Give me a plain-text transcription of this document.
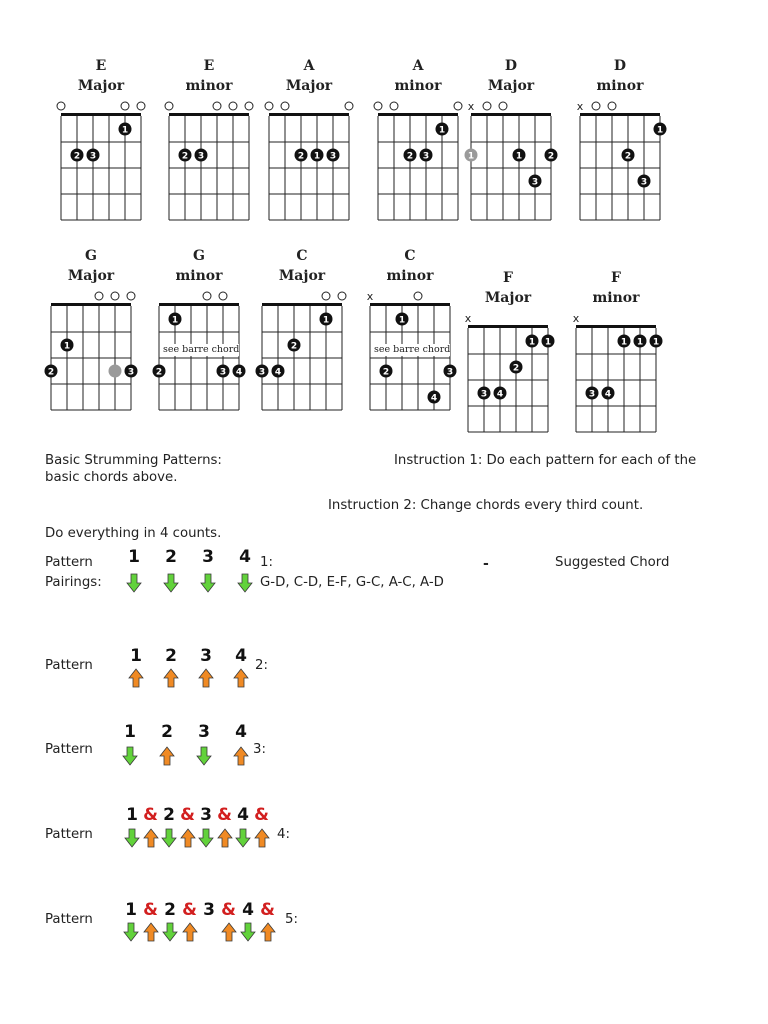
E
Major
1
2 3
E
minor
2 3
A
Major
2 1 3
A
minor
1
2 3
D
Major
x
1	1	2
3
D
minor
x
1
2
3
G
Major
1
2	3
G
minor
1
2	3 4
see barre chord
C
Major
1
2
3 4
C
minor
x
1
2	3
4
see barre chord
F
Major
x
1 1
2
3 4
F
minor
x
1 1 1
3 4
Basic Strumming Patterns:
basic chords above.
Instruction 1: Do each pattern for each of the
Instruction 2: Change chords every third count.
Do everything in 4 counts.
Pairings:
-	Suggested Chord
G-D, C-D, E-F, G-C, A-C, A-D
Pattern 1 2 3 4 1:
Pattern 1 2 3 4 2:
Pattern
1 2 3 4
3:
Pattern
1 & 2 & 3 & 4 &
4:
Pattern 1 & 2 & 3 & 4 & 5:
